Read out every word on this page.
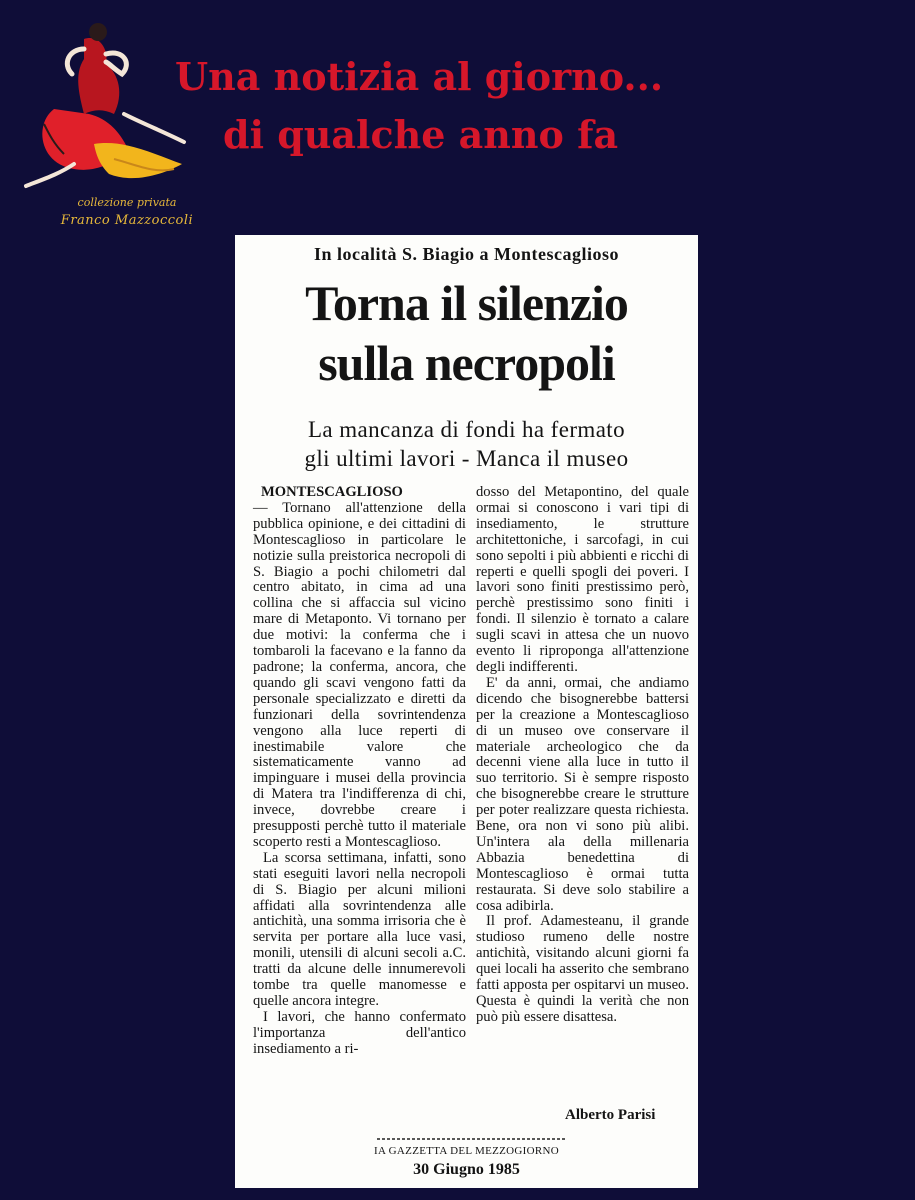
collezione privata
Franco Mazzoccoli
Una notizia al giorno...
di qualche anno fa
In località S. Biagio a Montescaglioso
Torna il silenzio
sulla necropoli
La mancanza di fondi ha fermato
gli ultimi lavori - Manca il museo
MONTESCAGLIOSO

— Tornano all'attenzione della pubblica opinione, e dei cittadini di Montescaglioso in particolare le notizie sulla preistorica necropoli di S. Biagio a pochi chilometri dal centro abitato, in cima ad una collina che si affaccia sul vicino mare di Metaponto. Vi tornano per due motivi: la conferma che i tombaroli la facevano e la fanno da padrone; la conferma, ancora, che quando gli scavi vengono fatti da personale specializzato e diretti da funzionari della sovrintendenza vengono alla luce reperti di inestimabile valore che sistematicamente vanno ad impinguare i musei della provincia di Matera tra l'indifferenza di chi, invece, dovrebbe creare i presupposti perchè tutto il materiale scoperto resti a Montescaglioso.

La scorsa settimana, infatti, sono stati eseguiti lavori nella necropoli di S. Biagio per alcuni milioni affidati alla sovrintendenza alle antichità, una somma irrisoria che è servita per portare alla luce vasi, monili, utensili di alcuni secoli a.C. tratti da alcune delle innumerevoli tombe tra quelle manomesse e quelle ancora integre.

I lavori, che hanno confermato l'importanza dell'antico insediamento a ri-

dosso del Metapontino, del quale ormai si conoscono i vari tipi di insediamento, le strutture architettoniche, i sarcofagi, in cui sono sepolti i più abbienti e ricchi di reperti e quelli spogli dei poveri. I lavori sono finiti prestissimo però, perchè prestissimo sono finiti i fondi. Il silenzio è tornato a calare sugli scavi in attesa che un nuovo evento li riproponga all'attenzione degli indifferenti.

E' da anni, ormai, che andiamo dicendo che bisognerebbe battersi per la creazione a Montescaglioso di un museo ove conservare il materiale archeologico che da decenni viene alla luce in tutto il suo territorio. Si è sempre risposto che bisognerebbe creare le strutture per poter realizzare questa richiesta. Bene, ora non vi sono più alibi. Un'intera ala della millenaria Abbazia benedettina di Montescaglioso è ormai tutta restaurata. Si deve solo stabilire a cosa adibirla.

Il prof. Adamesteanu, il grande studioso rumeno delle nostre antichità, visitando alcuni giorni fa quei locali ha asserito che sembrano fatti apposta per ospitarvi un museo. Questa è quindi la verità che non può più essere disattesa.

Alberto Parisi
IA GAZZETTA DEL MEZZOGIORNO
30 Giugno 1985
